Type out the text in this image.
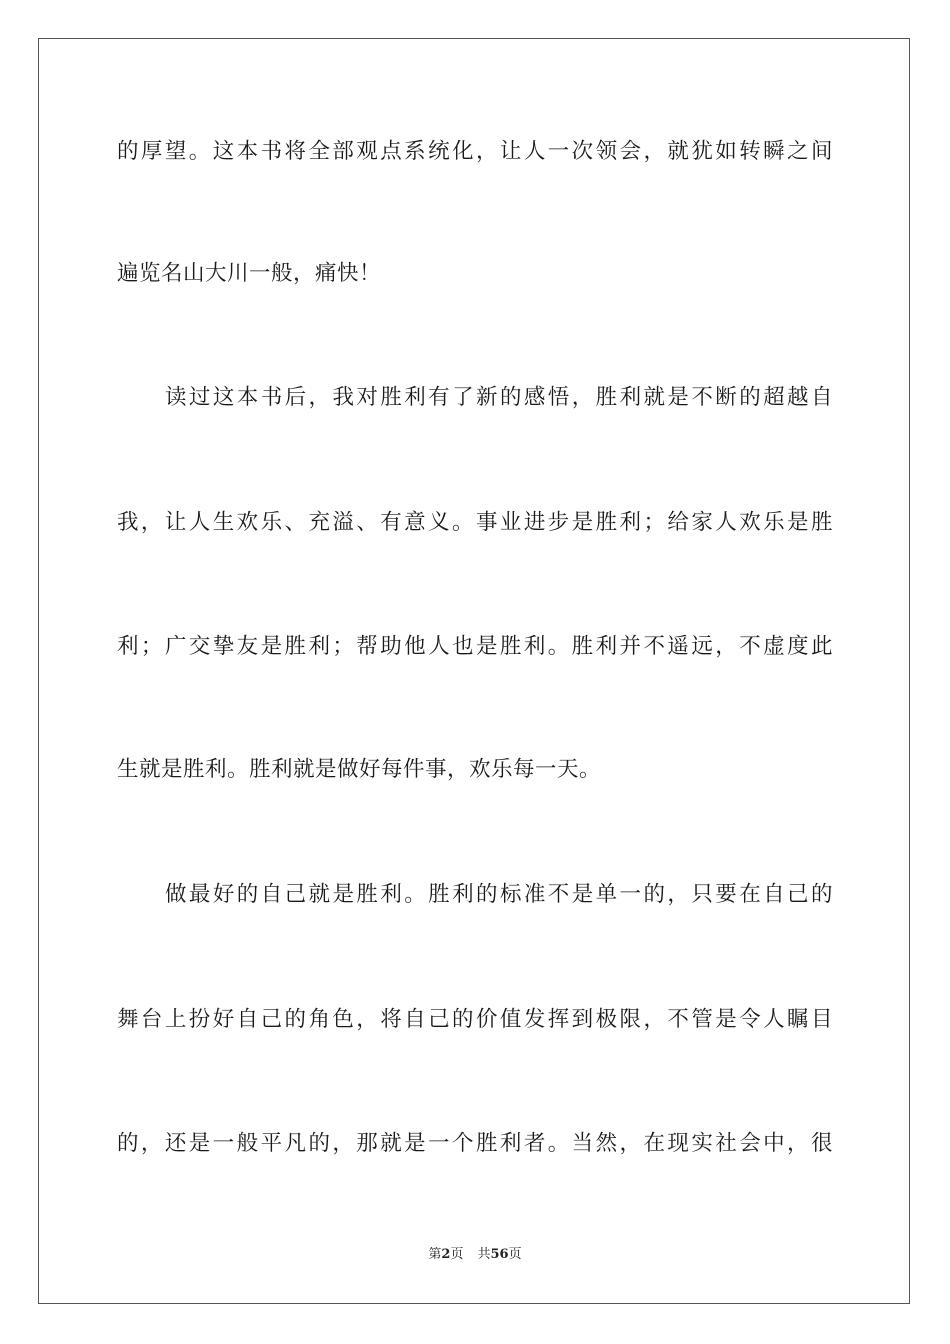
的厚望。这本书将全部观点系统化，让人一次领会，就犹如转瞬之间
遍览名山大川一般，痛快！
读过这本书后，我对胜利有了新的感悟，胜利就是不断的超越自
我，让人生欢乐、充溢、有意义。事业进步是胜利；给家人欢乐是胜
利；广交挚友是胜利；帮助他人也是胜利。胜利并不遥远，不虚度此
生就是胜利。胜利就是做好每件事，欢乐每一天。
做最好的自己就是胜利。胜利的标准不是单一的，只要在自己的
舞台上扮好自己的角色，将自己的价值发挥到极限，不管是令人瞩目
的，还是一般平凡的，那就是一个胜利者。当然，在现实社会中，很
第2页 共56页
